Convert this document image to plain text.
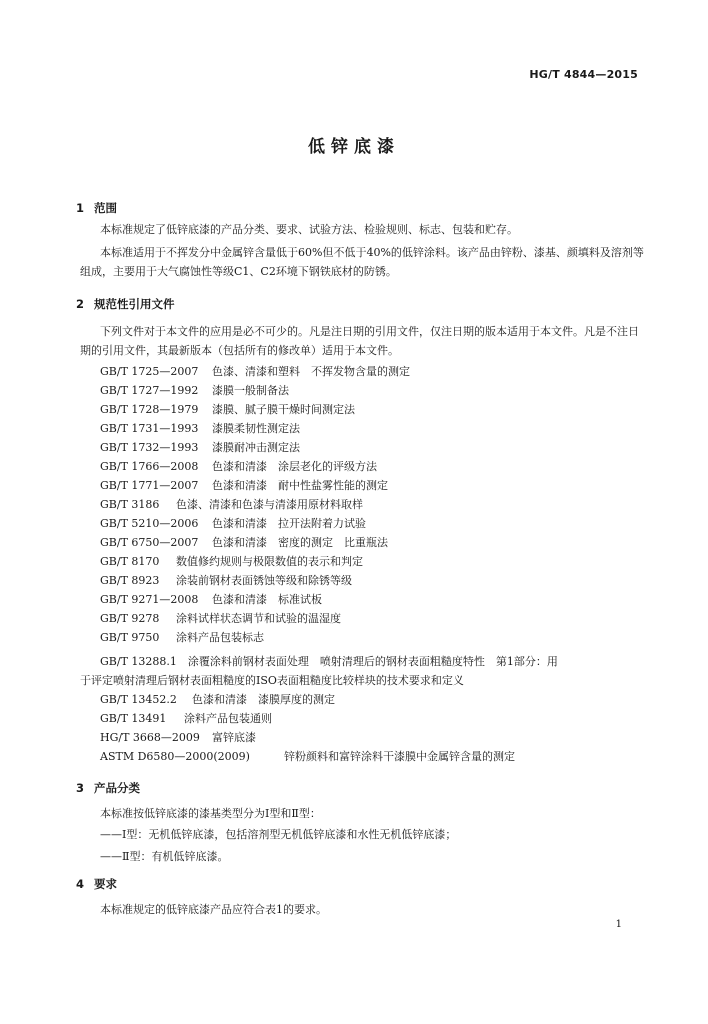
HG/T 4844—2015
低锌底漆
1 范围
本标准规定了低锌底漆的产品分类、要求、试验方法、检验规则、标志、包装和贮存。
本标准适用于不挥发分中金属锌含量低于60%但不低于40%的低锌涂料。该产品由锌粉、漆基、颜填料及溶剂等组成，主要用于大气腐蚀性等级C1、C2环境下钢铁底材的防锈。
2 规范性引用文件
下列文件对于本文件的应用是必不可少的。凡是注日期的引用文件，仅注日期的版本适用于本文件。凡是不注日期的引用文件，其最新版本（包括所有的修改单）适用于本文件。
GB/T 1725—2007 色漆、清漆和塑料　不挥发物含量的测定
GB/T 1727—1992 漆膜一般制备法
GB/T 1728—1979 漆膜、腻子膜干燥时间测定法
GB/T 1731—1993 漆膜柔韧性测定法
GB/T 1732—1993 漆膜耐冲击测定法
GB/T 1766—2008 色漆和清漆　涂层老化的评级方法
GB/T 1771—2007 色漆和清漆　耐中性盐雾性能的测定
GB/T 3186 色漆、清漆和色漆与清漆用原材料取样
GB/T 5210—2006 色漆和清漆　拉开法附着力试验
GB/T 6750—2007 色漆和清漆　密度的测定　比重瓶法
GB/T 8170 数值修约规则与极限数值的表示和判定
GB/T 8923 涂装前钢材表面锈蚀等级和除锈等级
GB/T 9271—2008 色漆和清漆　标准试板
GB/T 9278 涂料试样状态调节和试验的温湿度
GB/T 9750 涂料产品包装标志
GB/T 13288.1　涂覆涂料前钢材表面处理　喷射清理后的钢材表面粗糙度特性　第1部分：用
于评定喷射清理后钢材表面粗糙度的ISO表面粗糙度比较样块的技术要求和定义
GB/T 13452.2 色漆和清漆　漆膜厚度的测定
GB/T 13491 涂料产品包装通则
HG/T 3668—2009 富锌底漆
ASTM D6580—2000(2009)	锌粉颜料和富锌涂料干漆膜中金属锌含量的测定
3 产品分类
本标准按低锌底漆的漆基类型分为Ⅰ型和Ⅱ型：
——Ⅰ型：无机低锌底漆，包括溶剂型无机低锌底漆和水性无机低锌底漆；
——Ⅱ型：有机低锌底漆。
4 要求
本标准规定的低锌底漆产品应符合表1的要求。
1
